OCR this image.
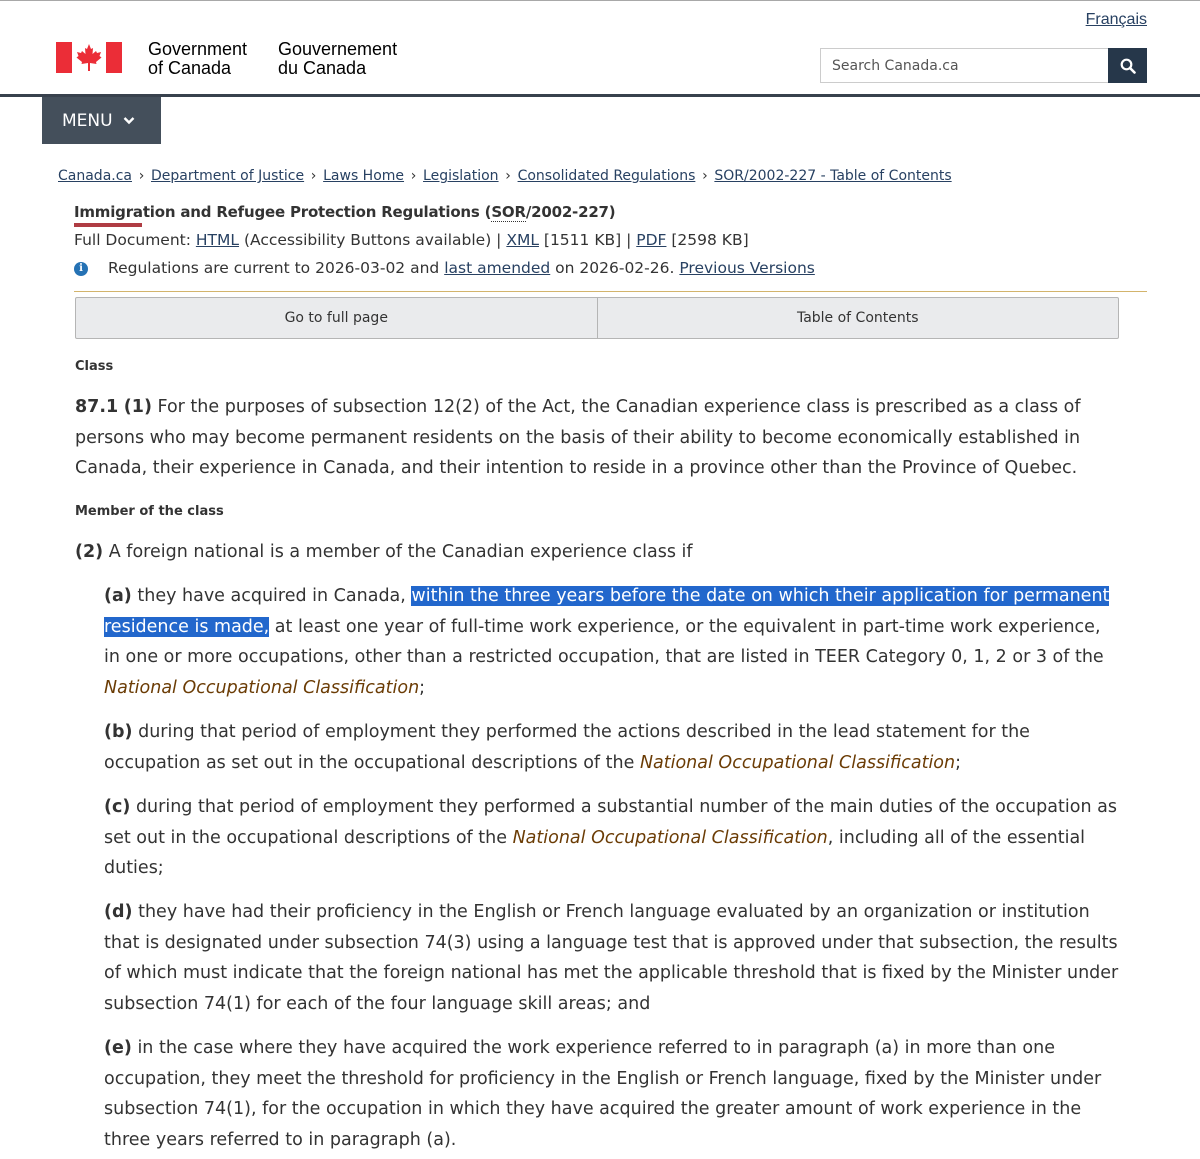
Français
Government
of Canada
Gouvernement
du Canada
Search Canada.ca
MENU
Canada.ca › Department of Justice › Laws Home › Legislation › Consolidated Regulations › SOR/2002-227 - Table of Contents
Immigration and Refugee Protection Regulations (SOR/2002-227)
Full Document: HTML (Accessibility Buttons available) | XML [1511 KB] | PDF [2598 KB]
i	Regulations are current to 2026-03-02 and last amended on 2026-02-26. Previous Versions
Go to full page	Table of Contents
Class
87.1 (1) For the purposes of subsection 12(2) of the Act, the Canadian experience class is prescribed as a class of persons who may become permanent residents on the basis of their ability to become economically established in Canada, their experience in Canada, and their intention to reside in a province other than the Province of Quebec.
Member of the class
(2) A foreign national is a member of the Canadian experience class if
(a) they have acquired in Canada, within the three years before the date on which their application for permanent residence is made, at least one year of full-time work experience, or the equivalent in part-time work experience, in one or more occupations, other than a restricted occupation, that are listed in TEER Category 0, 1, 2 or 3 of the National Occupational Classification;
(b) during that period of employment they performed the actions described in the lead statement for the occupation as set out in the occupational descriptions of the National Occupational Classification;
(c) during that period of employment they performed a substantial number of the main duties of the occupation as set out in the occupational descriptions of the National Occupational Classification, including all of the essential duties;
(d) they have had their proficiency in the English or French language evaluated by an organization or institution that is designated under subsection 74(3) using a language test that is approved under that subsection, the results of which must indicate that the foreign national has met the applicable threshold that is fixed by the Minister under subsection 74(1) for each of the four language skill areas; and
(e) in the case where they have acquired the work experience referred to in paragraph (a) in more than one occupation, they meet the threshold for proficiency in the English or French language, fixed by the Minister under subsection 74(1), for the occupation in which they have acquired the greater amount of work experience in the three years referred to in paragraph (a).
